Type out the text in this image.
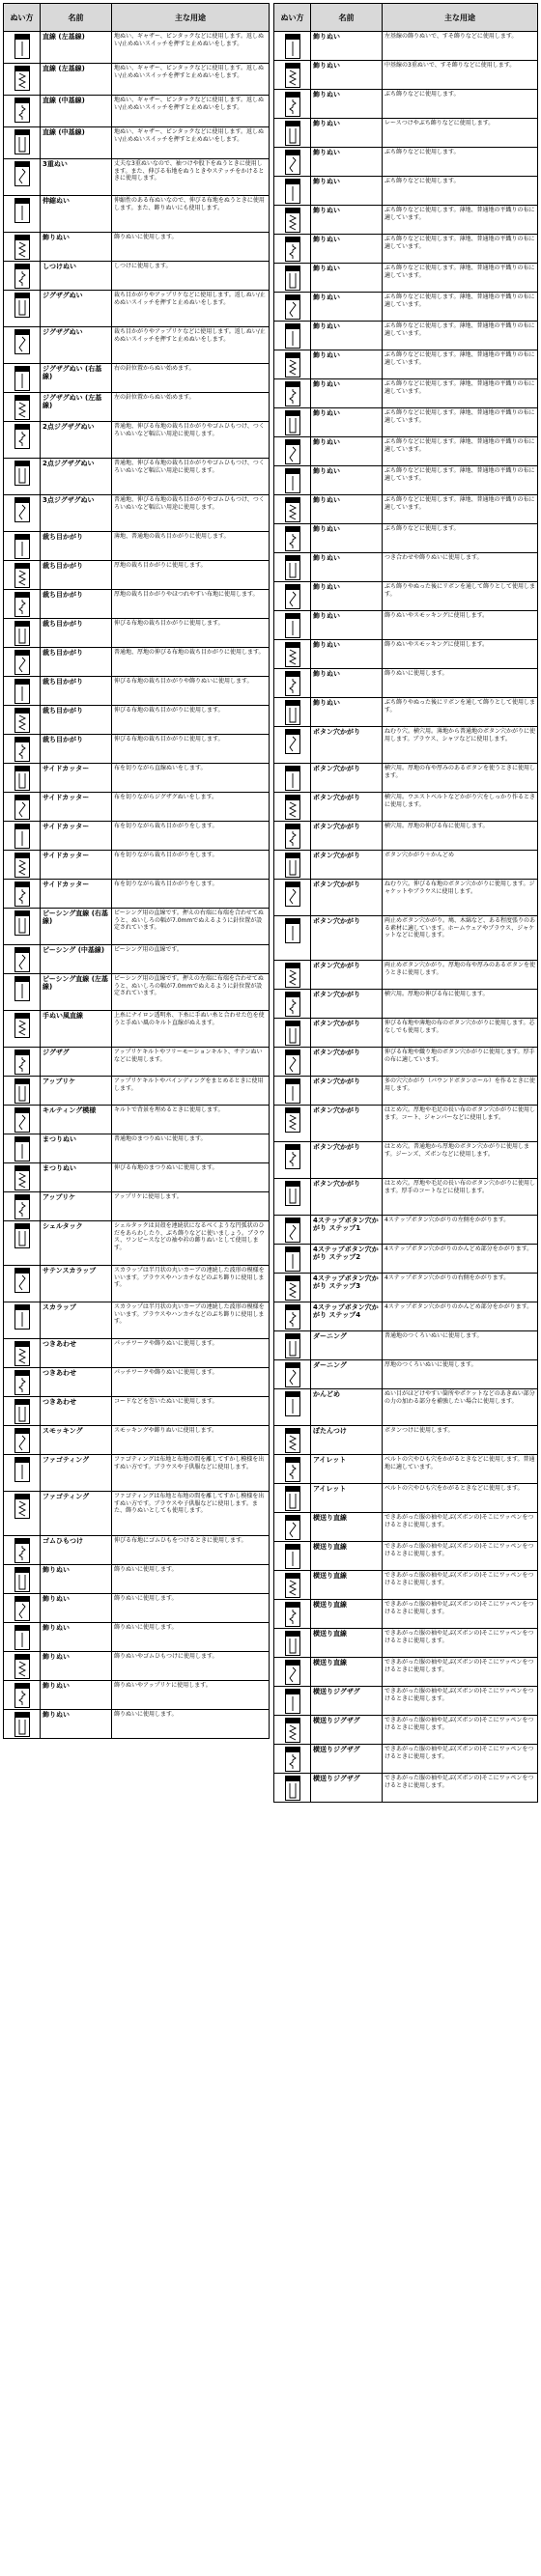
ぬい方	名前	主な用途

	直線 (左基線)	地ぬい、ギャザー、ピンタックなどに使用します。返しぬい/止めぬいスイッチを押すと止めぬいをします。

	直線 (左基線)	地ぬい、ギャザー、ピンタックなどに使用します。返しぬい/止めぬいスイッチを押すと止めぬいをします。

	直線 (中基線)	地ぬい、ギャザー、ピンタックなどに使用します。返しぬい/止めぬいスイッチを押すと止めぬいをします。

	直線 (中基線)	地ぬい、ギャザー、ピンタックなどに使用します。返しぬい/止めぬいスイッチを押すと止めぬいをします。

	3重ぬい	丈夫な3重ぬいなので、袖つけや股下をぬうときに使用します。また、伸びる布地をぬうときやステッチをかけるときに使用します。

	伸縮ぬい	伸縮性のある布ぬいなので、伸びる布地をぬうときに使用します。また、飾りぬいにも使用します。

	飾りぬい	飾りぬいに使用します。

	しつけぬい	しつけに使用します。

	ジグザグぬい	裁ち目かがりやアップリケなどに使用します。返しぬい/止めぬいスイッチを押すと止めぬいをします。

	ジグザグぬい	裁ち目かがりやアップリケなどに使用します。返しぬい/止めぬいスイッチを押すと止めぬいをします。

	ジグザグぬい (右基線)	右の針位置からぬい始めます。

	ジグザグぬい (左基線)	左の針位置からぬい始めます。

	2点ジグザグぬい	普通地、伸びる布地の裁ち目かがりやゴムひもつけ、つくろいぬいなど幅広い用途に使用します。

	2点ジグザグぬい	普通地、伸びる布地の裁ち目かがりやゴムひもつけ、つくろいぬいなど幅広い用途に使用します。

	3点ジグザグぬい	普通地、伸びる布地の裁ち目かがりやゴムひもつけ、つくろいぬいなど幅広い用途に使用します。

	裁ち目かがり	薄地、普通地の裁ち目かがりに使用します。

	裁ち目かがり	厚地の裁ち目かがりに使用します。

	裁ち目かがり	厚地の裁ち目かがりやほつれやすい布地に使用します。

	裁ち目かがり	伸びる布地の裁ち目かがりに使用します。

	裁ち目かがり	普通地、厚地の伸びる布地の裁ち目かがりに使用します。

	裁ち目かがり	伸びる布地の裁ち目かがりや飾りぬいに使用します。

	裁ち目かがり	伸びる布地の裁ち目かがりに使用します。

	裁ち目かがり	伸びる布地の裁ち目かがりに使用します。

	サイドカッター	布を切りながら直線ぬいをします。

	サイドカッター	布を切りながらジグザグぬいをします。

	サイドカッター	布を切りながら裁ち目かがりをします。

	サイドカッター	布を切りながら裁ち目かがりをします。

	サイドカッター	布を切りながら裁ち目かがりをします。

	ピーシング直線 (右基線)	ピーシング用の直線です。押えの右端に布端を合わせてぬうと、ぬいしろの幅が7.0mmでぬえるように針位置が設定されています。

	ピーシング (中基線)	ピーシング用の直線です。

	ピーシング直線 (左基線)	ピーシング用の直線です。押えの左端に布端を合わせてぬうと、ぬいしろの幅が7.0mmでぬえるように針位置が設定されています。

	手ぬい風直線	上糸にナイロン透明糸、下糸に手ぬい糸と合わせた色を使うと手ぬい風のキルト直線がぬえます。

	ジグザグ	アップリケキルトやフリーモーションキルト、サテンぬいなどに使用します。

	アップリケ	アップリケキルトやパインディングをまとめるときに使用します。

	キルティング模様	キルトで背景を埋めるときに使用します。

	まつりぬい	普通地のまつりぬいに使用します。

	まつりぬい	伸びる布地のまつりぬいに使用します。

	アップリケ	アップリケに使用します。

	シェルタック	シェルタックは貝殻を連続状になるべくような円弧状のひだをあらわしたり、ぶち飾りなどに使いましょう。ブラウス、ワンピースなどの袖や衿の飾りぬいとして使用します。

	サテンスカラップ	スカラップは半月状の丸いカーブの連続した波形の模様をいいます。ブラウスやハンカチなどのぶち飾りに使用します。

	スカラップ	スカラップは半月状の丸いカーブの連続した波形の模様をいいます。ブラウスやハンカチなどのぶち飾りに使用します。

	つきあわせ	パッチワークや飾りぬいに使用します。

	つきあわせ	パッチワークや飾りぬいに使用します。

	つきあわせ	コードなどを巻いたぬいに使用します。

	スモッキング	スモッキングや飾りぬいに使用します。

	ファゴティング	ファゴティングは布地と布地の間を離してすかし模様を出すぬい方です。ブラウスや子供服などに使用します。

	ファゴティング	ファゴティングは布地と布地の間を離してすかし模様を出すぬい方です。ブラウスや子供服などに使用します。また、飾りぬいとしても使用します。

	ゴムひもつけ	伸びる布地にゴムひもをつけるときに使用します。

	飾りぬい	飾りぬいに使用します。

	飾りぬい	飾りぬいに使用します。

	飾りぬい	飾りぬいに使用します。

	飾りぬい	飾りぬいやゴムひもつけに使用します。

	飾りぬい	飾りぬいやアップリケに使用します。

	飾りぬい	飾りぬいに使用します。
ぬい方	名前	主な用途

	飾りぬい	左基線の飾りぬいで、すそ飾りなどに使用します。

	飾りぬい	中基線の3重ぬいで、すそ飾りなどに使用します。

	飾りぬい	ぶち飾りなどに使用します。

	飾りぬい	レースつけやぶち飾りなどに使用します。

	飾りぬい	ぶち飾りなどに使用します。

	飾りぬい	ぶち飾りなどに使用します。

	飾りぬい	ぶち飾りなどに使用します。薄地、普通地の平織りの布に適しています。

	飾りぬい	ぶち飾りなどに使用します。薄地、普通地の平織りの布に適しています。

	飾りぬい	ぶち飾りなどに使用します。薄地、普通地の平織りの布に適しています。

	飾りぬい	ぶち飾りなどに使用します。薄地、普通地の平織りの布に適しています。

	飾りぬい	ぶち飾りなどに使用します。薄地、普通地の平織りの布に適しています。

	飾りぬい	ぶち飾りなどに使用します。薄地、普通地の平織りの布に適しています。

	飾りぬい	ぶち飾りなどに使用します。薄地、普通地の平織りの布に適しています。

	飾りぬい	ぶち飾りなどに使用します。薄地、普通地の平織りの布に適しています。

	飾りぬい	ぶち飾りなどに使用します。薄地、普通地の平織りの布に適しています。

	飾りぬい	ぶち飾りなどに使用します。薄地、普通地の平織りの布に適しています。

	飾りぬい	ぶち飾りなどに使用します。薄地、普通地の平織りの布に適しています。

	飾りぬい	ぶち飾りなどに使用します。

	飾りぬい	つき合わせや飾りぬいに使用します。

	飾りぬい	ぶち飾りやぬった後にリボンを通して飾りとして使用します。

	飾りぬい	飾りぬいやスモッキングに使用します。

	飾りぬい	飾りぬいやスモッキングに使用します。

	飾りぬい	飾りぬいに使用します。

	飾りぬい	ぶち飾りやぬった後にリボンを通して飾りとして使用します。

	ボタン穴かがり	ねむり穴。横穴用。薄地から普通地のボタン穴かがりに使用します。ブラウス、シャツなどに使用します。

	ボタン穴かがり	横穴用。厚地の布や厚みのあるボタンを使うときに使用します。

	ボタン穴かがり	横穴用。ウエストベルトなどかがり穴をしっかり作るときに使用します。

	ボタン穴かがり	横穴用。厚地の伸びる布に使用します。

	ボタン穴かがり	ボタン穴かがり＋かんどめ

	ボタン穴かがり	ねむり穴。伸びる布地のボタン穴かがりに使用します。ジャケットやブラウスに使用します。

	ボタン穴かがり	両止めボタン穴かがり。鳩、木綿など、ある程度張りのある素材に適しています。ホームウェアやブラウス、ジャケットなどに使用します。

	ボタン穴かがり	両止めボタン穴かがり。厚地の布や厚みのあるボタンを使うときに使用します。

	ボタン穴かがり	横穴用。厚地の伸びる布に使用します。

	ボタン穴かがり	伸びる布地や薄地の布のボタン穴かがりに使用します。芯なしでも使用します。

	ボタン穴かがり	伸びる布地や織り地のボタン穴かがりに使用します。厚手の布に適しています。

	ボタン穴かがり	多の穴穴かがり（パウンドボタンホール）を作るときに使用します。

	ボタン穴かがり	はとめ穴。厚地や毛足の長い布のボタン穴かがりに使用します。コート、ジャンパーなどに使用します。

	ボタン穴かがり	はとめ穴。普通地から厚地のボタン穴かがりに使用します。ジーンズ、ズボンなどに使用します。

	ボタン穴かがり	はとめ穴。厚地や毛足の長い布のボタン穴かがりに使用します。厚手のコートなどに使用します。

	4ステップボタン穴かがり ステップ1	4ステップボタン穴かがりの左側をかがります。

	4ステップボタン穴かがり ステップ2	4ステップボタン穴かがりのかんどめ部分をかがります。

	4ステップボタン穴かがり ステップ3	4ステップボタン穴かがりの右側をかがります。

	4ステップボタン穴かがり ステップ4	4ステップボタン穴かがりのかんどめ部分をかがります。

	ダーニング	普通地のつくろいぬいに使用します。

	ダーニング	厚地のつくろいぬいに使用します。

	かんどめ	ぬい目がほどけやすい箇所やポケットなどのあきぬい部分の力の加わる部分を補強したい場合に使用します。

	ぼたんつけ	ボタンつけに使用します。

	アイレット	ベルトの穴やひも穴をかがるときなどに使用します。普通地に適しています。

	アイレット	ベルトの穴やひも穴をかがるときなどに使用します。

	横送り直線	できあがった服の袖や足ぶ(ズボンの)そこにワッペンをつけるときに使用します。

	横送り直線	できあがった服の袖や足ぶ(ズボンの)そこにワッペンをつけるときに使用します。

	横送り直線	できあがった服の袖や足ぶ(ズボンの)そこにワッペンをつけるときに使用します。

	横送り直線	できあがった服の袖や足ぶ(ズボンの)そこにワッペンをつけるときに使用します。

	横送り直線	できあがった服の袖や足ぶ(ズボンの)そこにワッペンをつけるときに使用します。

	横送り直線	できあがった服の袖や足ぶ(ズボンの)そこにワッペンをつけるときに使用します。

	横送りジグザグ	できあがった服の袖や足ぶ(ズボンの)そこにワッペンをつけるときに使用します。

	横送りジグザグ	できあがった服の袖や足ぶ(ズボンの)そこにワッペンをつけるときに使用します。

	横送りジグザグ	できあがった服の袖や足ぶ(ズボンの)そこにワッペンをつけるときに使用します。

	横送りジグザグ	できあがった服の袖や足ぶ(ズボンの)そこにワッペンをつけるときに使用します。
